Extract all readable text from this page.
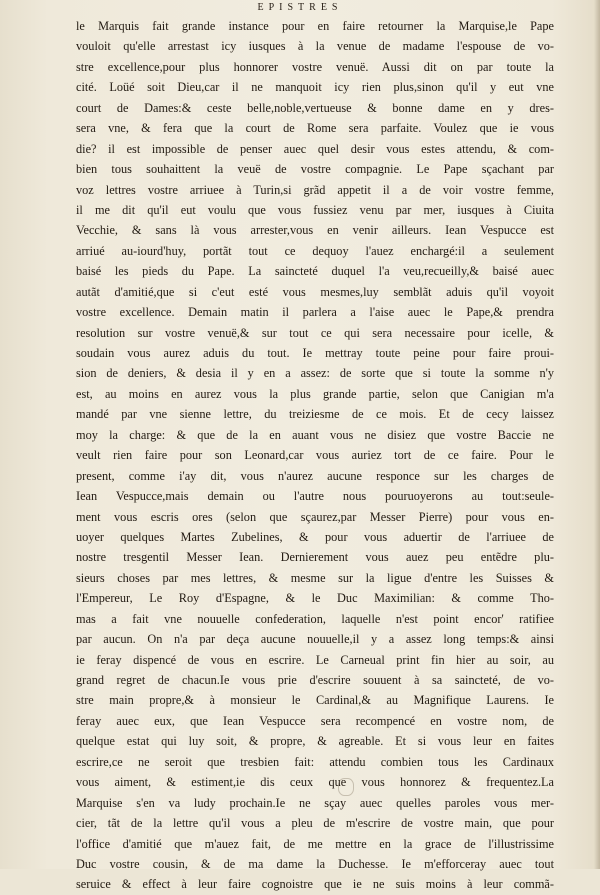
EPISTRES
le Marquis fait grande instance pour en faire retourner la Marquise,le Pape
vouloit qu'elle arrestast icy iusques à la venue de madame l'espouse de vo-
stre excellence,pour plus honnorer vostre venuë. Aussi dit on par toute la
cité. Loüé soit Dieu,car il ne manquoit icy rien plus,sinon qu'il y eut vne
court de Dames:& ceste belle,noble,vertueuse & bonne dame en y dres-
sera vne, & fera que la court de Rome sera parfaite. Voulez que ie vous
die? il est impossible de penser auec quel desir vous estes attendu, & com-
bien tous souhaittent la veuë de vostre compagnie. Le Pape sçachant par
voz lettres vostre arriuee à Turin,si grãd appetit il a de voir vostre femme,
il me dit qu'il eut voulu que vous fussiez venu par mer, iusques à Ciuita
Vecchie, & sans là vous arrester,vous en venir ailleurs. Iean Vespucce est
arriué au-iourd'huy, portãt tout ce dequoy l'auez enchargé:il a seulement
baisé les pieds du Pape. La saincteté duquel l'a veu,recueilly,& baisé auec
autãt d'amitié,que si c'eut esté vous mesmes,luy semblãt aduis qu'il voyoit
vostre excellence. Demain matin il parlera a l'aise auec le Pape,& prendra
resolution sur vostre venuë,& sur tout ce qui sera necessaire pour icelle, &
soudain vous aurez aduis du tout. Ie mettray toute peine pour faire proui-
sion de deniers, & desia il y en a assez: de sorte que si toute la somme n'y
est, au moins en aurez vous la plus grande partie, selon que Canigian m'a
mandé par vne sienne lettre, du treiziesme de ce mois. Et de cecy laissez
moy la charge: & que de la en auant vous ne disiez que vostre Baccie ne
veult rien faire pour son Leonard,car vous auriez tort de ce faire. Pour le
present, comme i'ay dit, vous n'aurez aucune responce sur les charges de
Iean Vespucce,mais demain ou l'autre nous pouruoyerons au tout:seule-
ment vous escris ores (selon que sçaurez,par Messer Pierre) pour vous en-
uoyer quelques Martes Zubelines, & pour vous aduertir de l'arriuee de
nostre tresgentil Messer Iean. Dernierement vous auez peu entẽdre plu-
sieurs choses par mes lettres, & mesme sur la ligue d'entre les Suisses &
l'Empereur, Le Roy d'Espagne, & le Duc Maximilian: & comme Tho-
mas a fait vne nouuelle confederation, laquelle n'est point encor' ratifiee
par aucun. On n'a par deça aucune nouuelle,il y a assez long temps:& ainsi
ie feray dispencé de vous en escrire. Le Carneual print fin hier au soir, au
grand regret de chacun.Ie vous prie d'escrire souuent à sa saincteté, de vo-
stre main propre,& à monsieur le Cardinal,& au Magnifique Laurens. Ie
feray auec eux, que Iean Vespucce sera recompencé en vostre nom, de
quelque estat qui luy soit, & propre, & agreable. Et si vous leur en faites
escrire,ce ne seroit que tresbien fait: attendu combien tous les Cardinaux
vous aiment, & estiment,ie dis ceux que vous honnorez & frequentez.La
Marquise s'en va ludy prochain.Ie ne sçay auec quelles paroles vous mer-
cier, tãt de la lettre qu'il vous a pleu de m'escrire de vostre main, que pour
l'office d'amitié que m'auez fait, de me mettre en la grace de l'illustrissime
Duc vostre cousin, & de ma dame la Duchesse. Ie m'efforceray auec tout
seruice & effect à leur faire cognoistre que ie ne suis moins à leur commã-
